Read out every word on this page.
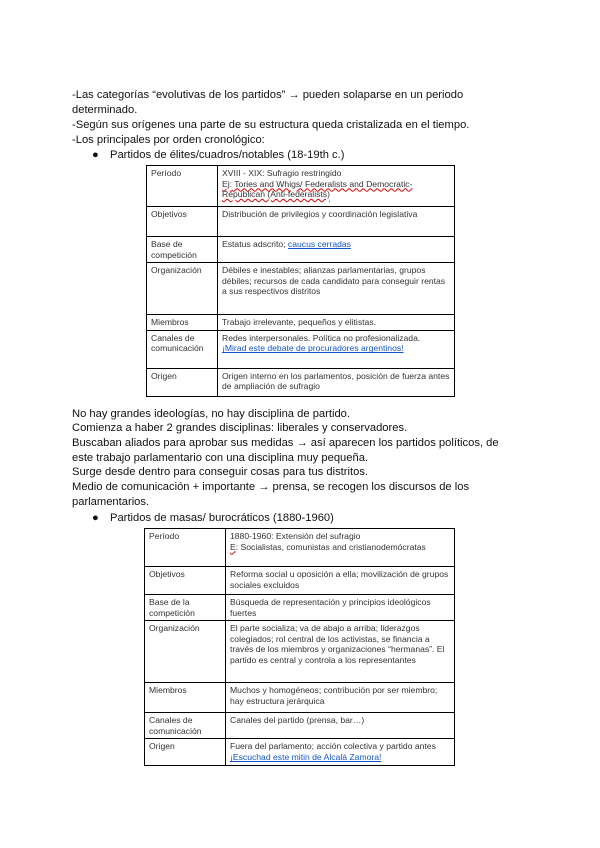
-Las categorías “evolutivas de los partidos” → pueden solaparse en un periodo determinado.

-Según sus orígenes una parte de su estructura queda cristalizada en el tiempo.

-Los principales por orden cronológico:

● Partidos de élites/cuadros/notables (18-19th c.)
Período	XVIII - XIX: Sufragio restringido
Ej: Tories and Whigs/ Federalists and Democratic-Republican (Anti-federalists)

Objetivos	Distribución de privilegios y coordinación legislativa
Base de competición	Estatus adscrito; caucus cerradas
Organización	Débiles e inestables; alianzas parlamentarias, grupos débiles; recursos de cada candidato para conseguir rentas a sus respectivos distritos
Miembros	Trabajo irrelevante, pequeños y elitistas.
Canales de comunicación	Redes interpersonales. Política no profesionalizada.
¡Mirad este debate de procuradores argentinos!

Origen	Origen interno en los parlamentos, posición de fuerza antes de ampliación de sufragio

No hay grandes ideologías, no hay disciplina de partido.

Comienza a haber 2 grandes disciplinas: liberales y conservadores.

Buscaban aliados para aprobar sus medidas → así aparecen los partidos políticos, de este trabajo parlamentario con una disciplina muy pequeña.

Surge desde dentro para conseguir cosas para tus distritos.

Medio de comunicación + importante → prensa, se recogen los discursos de los parlamentarios.

● Partidos de masas/ burocráticos (1880-1960)
Período	1880-1960: Extensión del sufragio
E: Socialistas, comunistas and cristianodemócratas

Objetivos	Reforma social u oposición a ella; movilización de grupos sociales excluidos
Base de la competición	Búsqueda de representación y principios ideológicos fuertes
Organización	El parte socializa; va de abajo a arriba; liderazgos colegiados; rol central de los activistas, se financia a través de los miembros y organizaciones “hermanas”. El partido es central y controla a los representantes
Miembros	Muchos y homogéneos; contribución por ser miembro; hay estructura jerárquica
Canales de comunicación	Canales del partido (prensa, bar…)
Origen	Fuera del parlamento; acción colectiva y partido antes ¡Escuchad este mitin de Alcalá Zamora!
